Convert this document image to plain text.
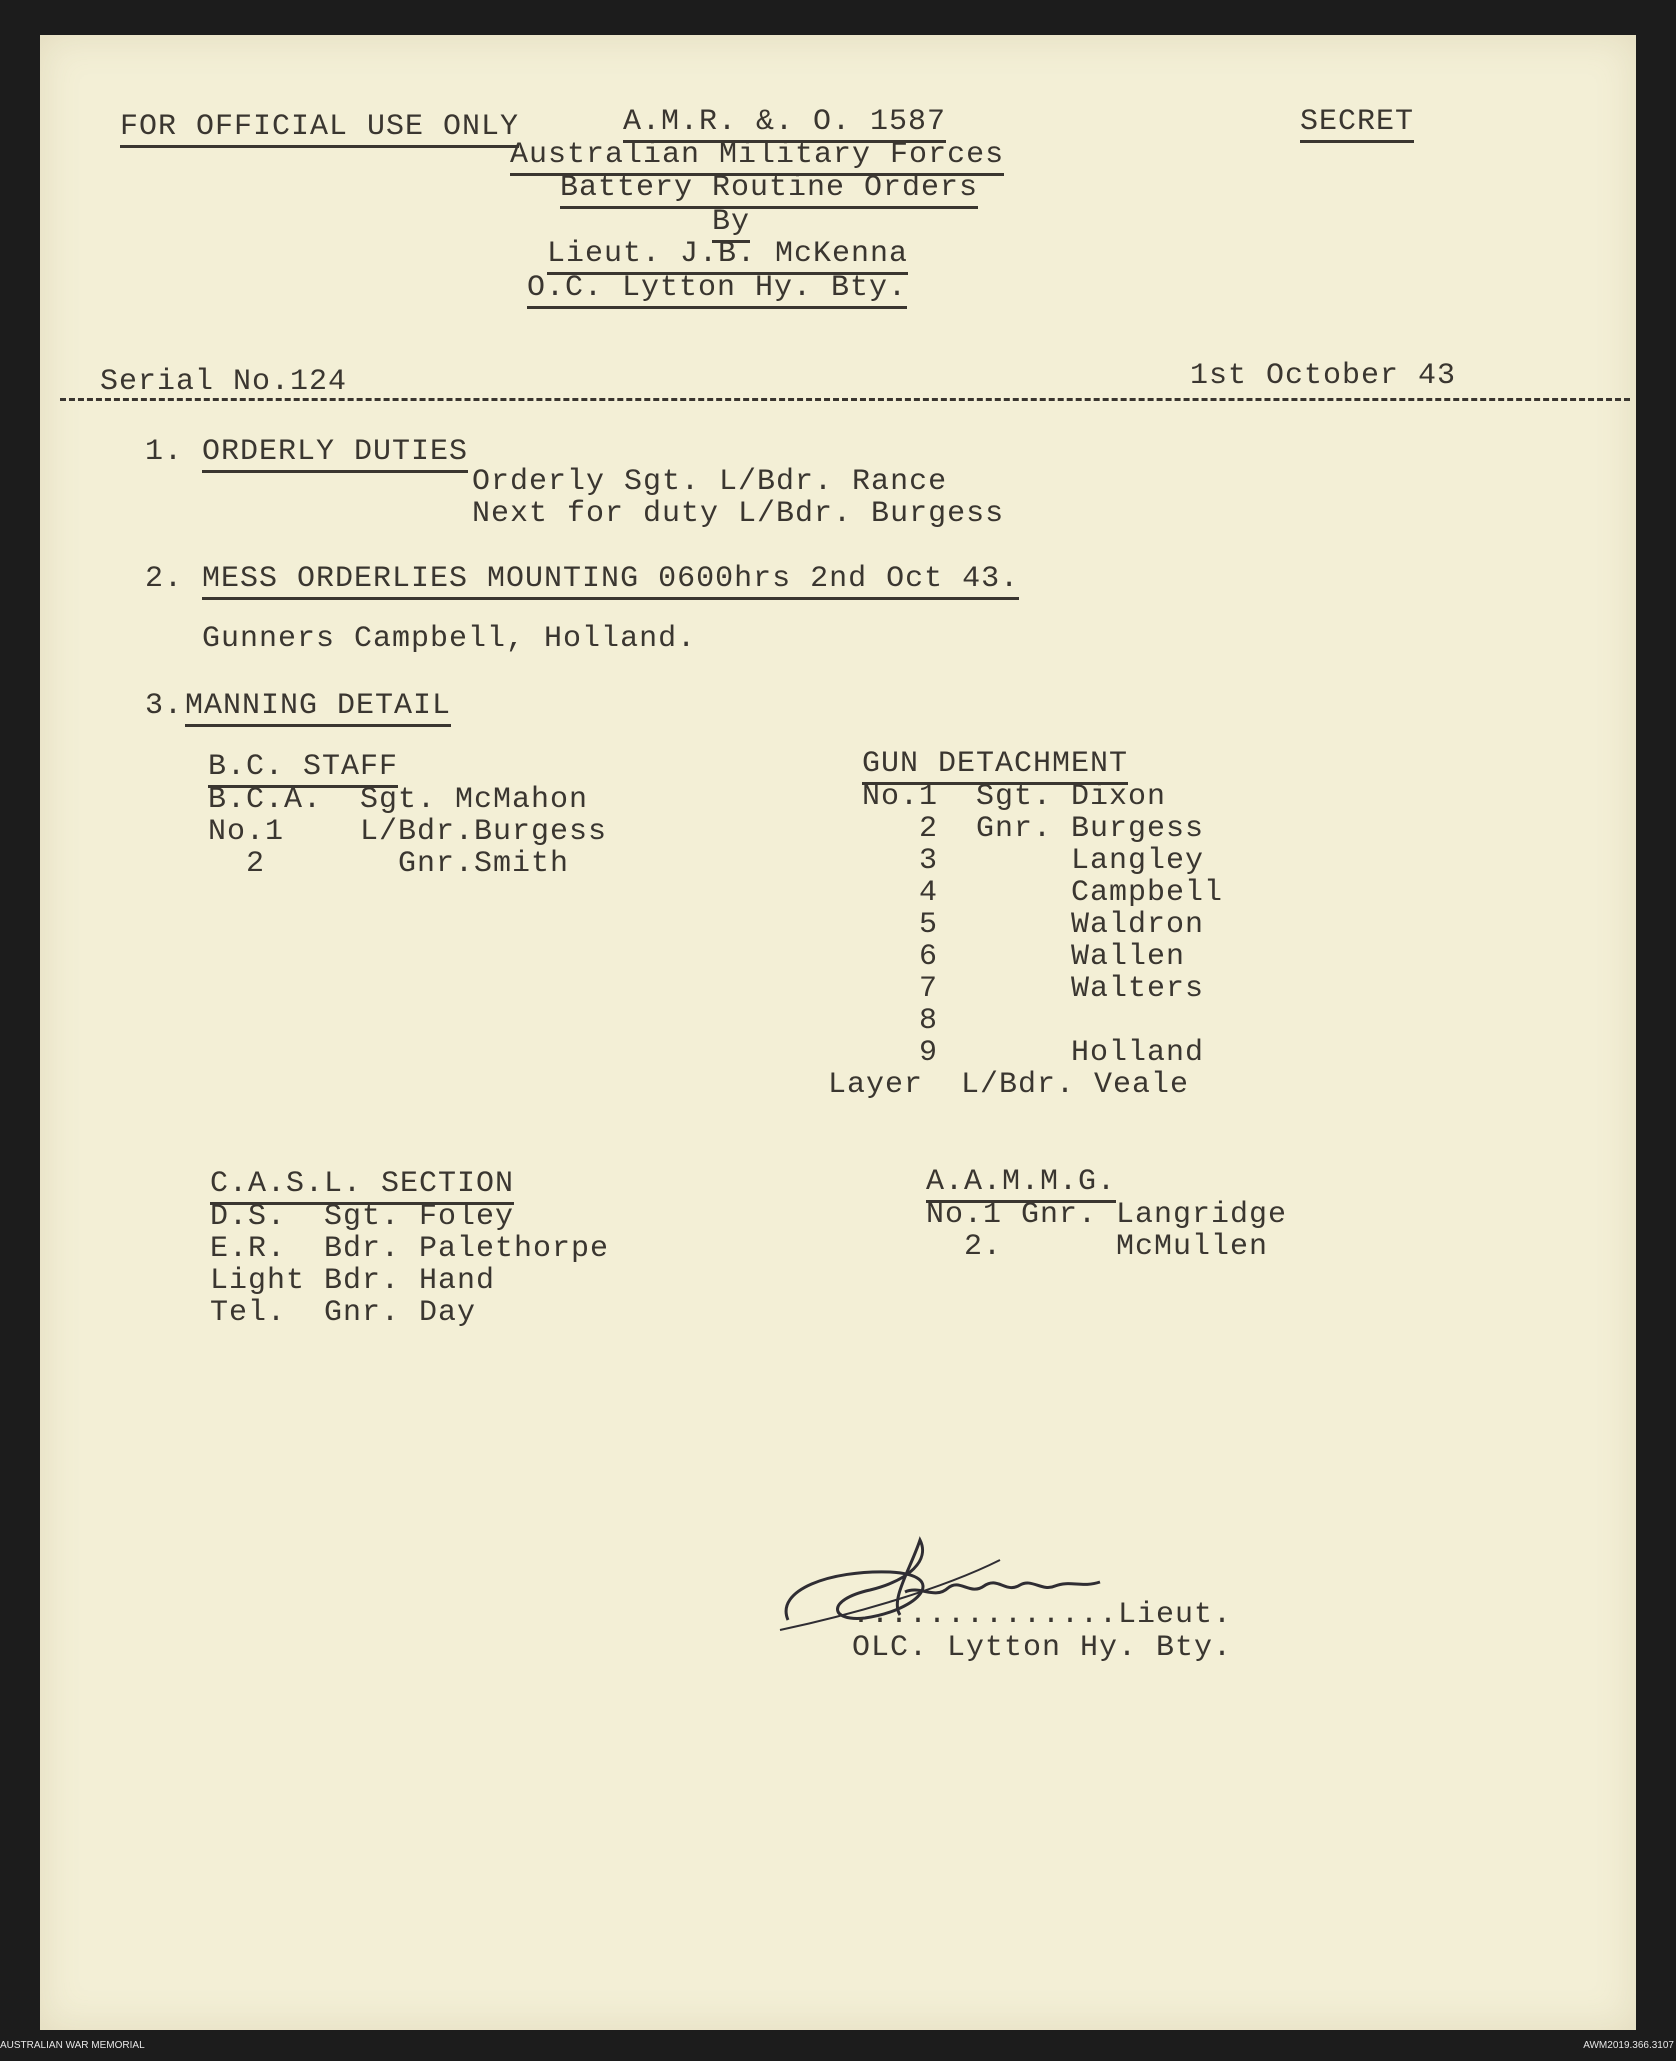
FOR OFFICIAL USE ONLY	A.M.R. &. O. 1587	SECRET
Australian Military Forces
Battery Routine Orders
By
Lieut. J.B. McKenna
O.C. Lytton Hy. Bty.
Serial No.124	1st October 43
1. ORDERLY DUTIES
Orderly Sgt. L/Bdr. Rance
Next for duty L/Bdr. Burgess
2. MESS ORDERLIES MOUNTING 0600hrs 2nd Oct 43.
Gunners Campbell, Holland.
3. MANNING DETAIL
B.C. STAFF
B.C.A.  Sgt. McMahon
No.1    L/Bdr.Burgess
2       Gnr.Smith
GUN DETACHMENT
No.1  Sgt. Dixon
2  Gnr. Burgess
3       Langley
4       Campbell
5       Waldron
6       Wallen
7       Walters
8
9       Holland
Layer  L/Bdr. Veale
C.A.S.L. SECTION
D.S.  Sgt. Foley
E.R.  Bdr. Palethorpe
Light Bdr. Hand
Tel.  Gnr. Day
A.A.M.M.G.
No.1 Gnr. Langridge
2.      McMullen
..............Lieut.
OLC. Lytton Hy. Bty.
AUSTRALIAN WAR MEMORIAL	AWM2019.366.3107
